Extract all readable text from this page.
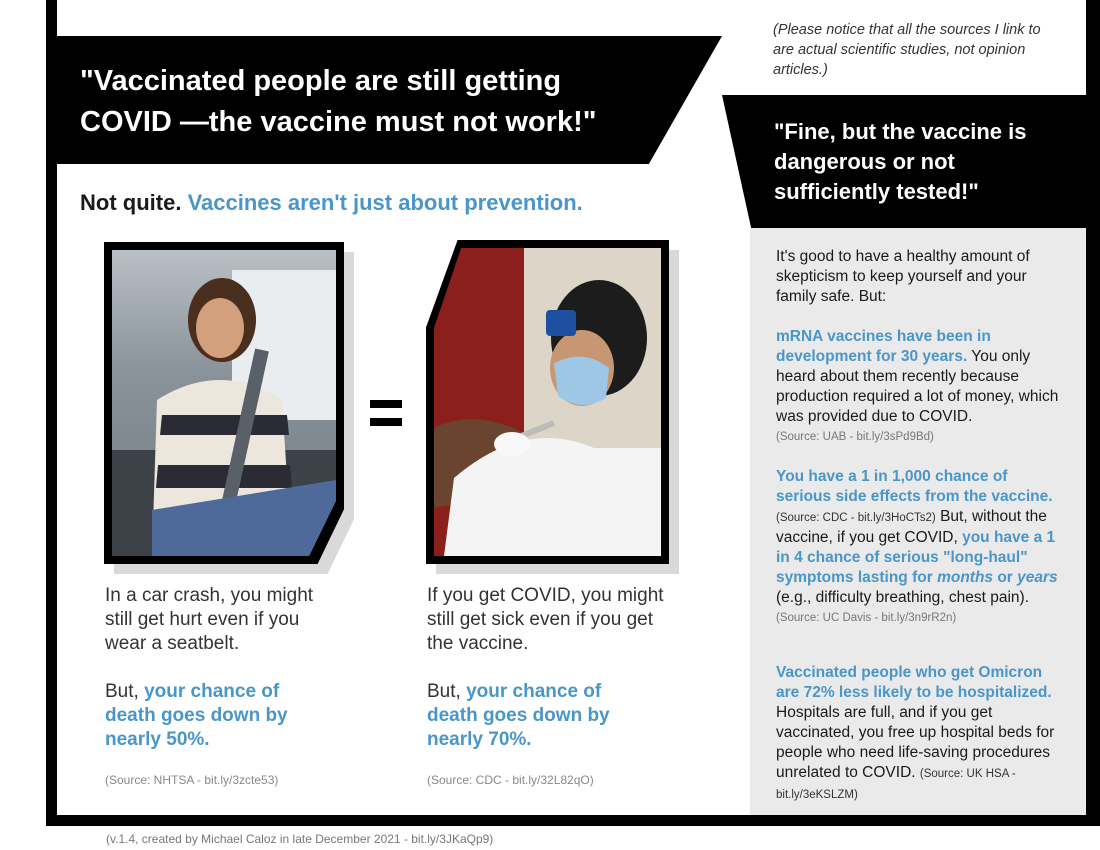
"Vaccinated people are still getting
COVID —the vaccine must not work!"
Not quite. Vaccines aren't just about prevention.
In a car crash, you might still get hurt even if you wear a seatbelt.
But, your chance of death goes down by nearly 50%.
(Source: NHTSA - bit.ly/3zcte53)
If you get COVID, you might still get sick even if you get the vaccine.
But, your chance of death goes down by nearly 70%.
(Source: CDC - bit.ly/32L82qO)
(Please notice that all the sources I link to are actual scientific studies, not opinion articles.)
"Fine, but the vaccine is dangerous or not sufficiently tested!"
It's good to have a healthy amount of skepticism to keep yourself and your family safe. But:
mRNA vaccines have been in development for 30 years. You only heard about them recently because production required a lot of money, which was provided due to COVID.
(Source: UAB - bit.ly/3sPd9Bd)
You have a 1 in 1,000 chance of serious side effects from the vaccine. (Source: CDC - bit.ly/3HoCTs2) But, without the vaccine, if you get COVID, you have a 1 in 4 chance of serious "long-haul" symptoms lasting for months or years (e.g., difficulty breathing, chest pain).
(Source: UC Davis - bit.ly/3n9rR2n)
Vaccinated people who get Omicron are 72% less likely to be hospitalized. Hospitals are full, and if you get vaccinated, you free up hospital beds for people who need life-saving procedures unrelated to COVID. (Source: UK HSA - bit.ly/3eKSLZM)
(v.1.4, created by Michael Caloz in late December 2021 - bit.ly/3JKaQp9)
